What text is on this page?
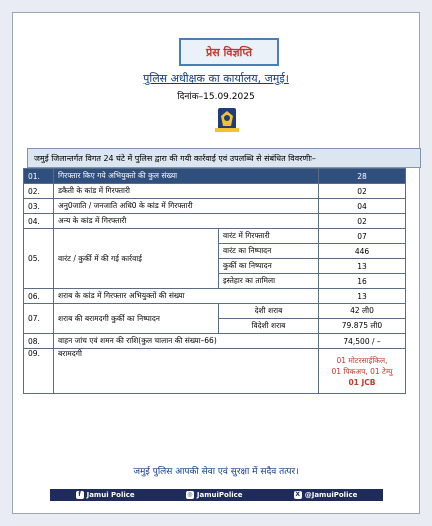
प्रेस विज्ञप्ति
पुलिस अधीक्षक का कार्यालय, जमुई।
दिनांक–15.09.2025
जमुई जिलान्तर्गत विगत 24 घंटे में पुलिस द्वारा की गयी कार्रवाई एवं उपलब्धि से संबंधित विवरणीः–
01.	गिरफ्तार किए गये अभियुक्तो की कुल संख्या		28
02.	डकैती के कांड में गिरफ्तारी		02
03.	अनु0जाति / जनजाति अधि0 के कांड में गिरफ्तारी		04
04.	अन्य के कांड में गिरफ्तारी		02
05.	वारंट / कुर्की में की गई कार्रवाई	वारंट में गिरफ्तारी	07
		वारंट का निष्पादन	446
		कुर्की का निष्पादन	13
		इस्तेहार का तामिला	16
06.	शराब के कांड में गिरफ्तार अभियुक्तों की संख्या		13
07.	शराब की बरामदगी कुर्की का निष्पादन	देशी शराब	42 ली0
		विदेशी शराब	79.875 ली0
08.	वाहन जांच एवं शमन की राशि(कुल चालान की संख्या–66)		74,500 / –
09.	बरामदगी		01 मोटरसाईकिल,
01 पिकअप, 01 टेम्पु
01 JCB
जमुई पुलिस आपकी सेवा एवं सुरक्षा में सदैव तत्पर।
f Jamui Police	◎ JamuiPolice	X @JamuiPolice
